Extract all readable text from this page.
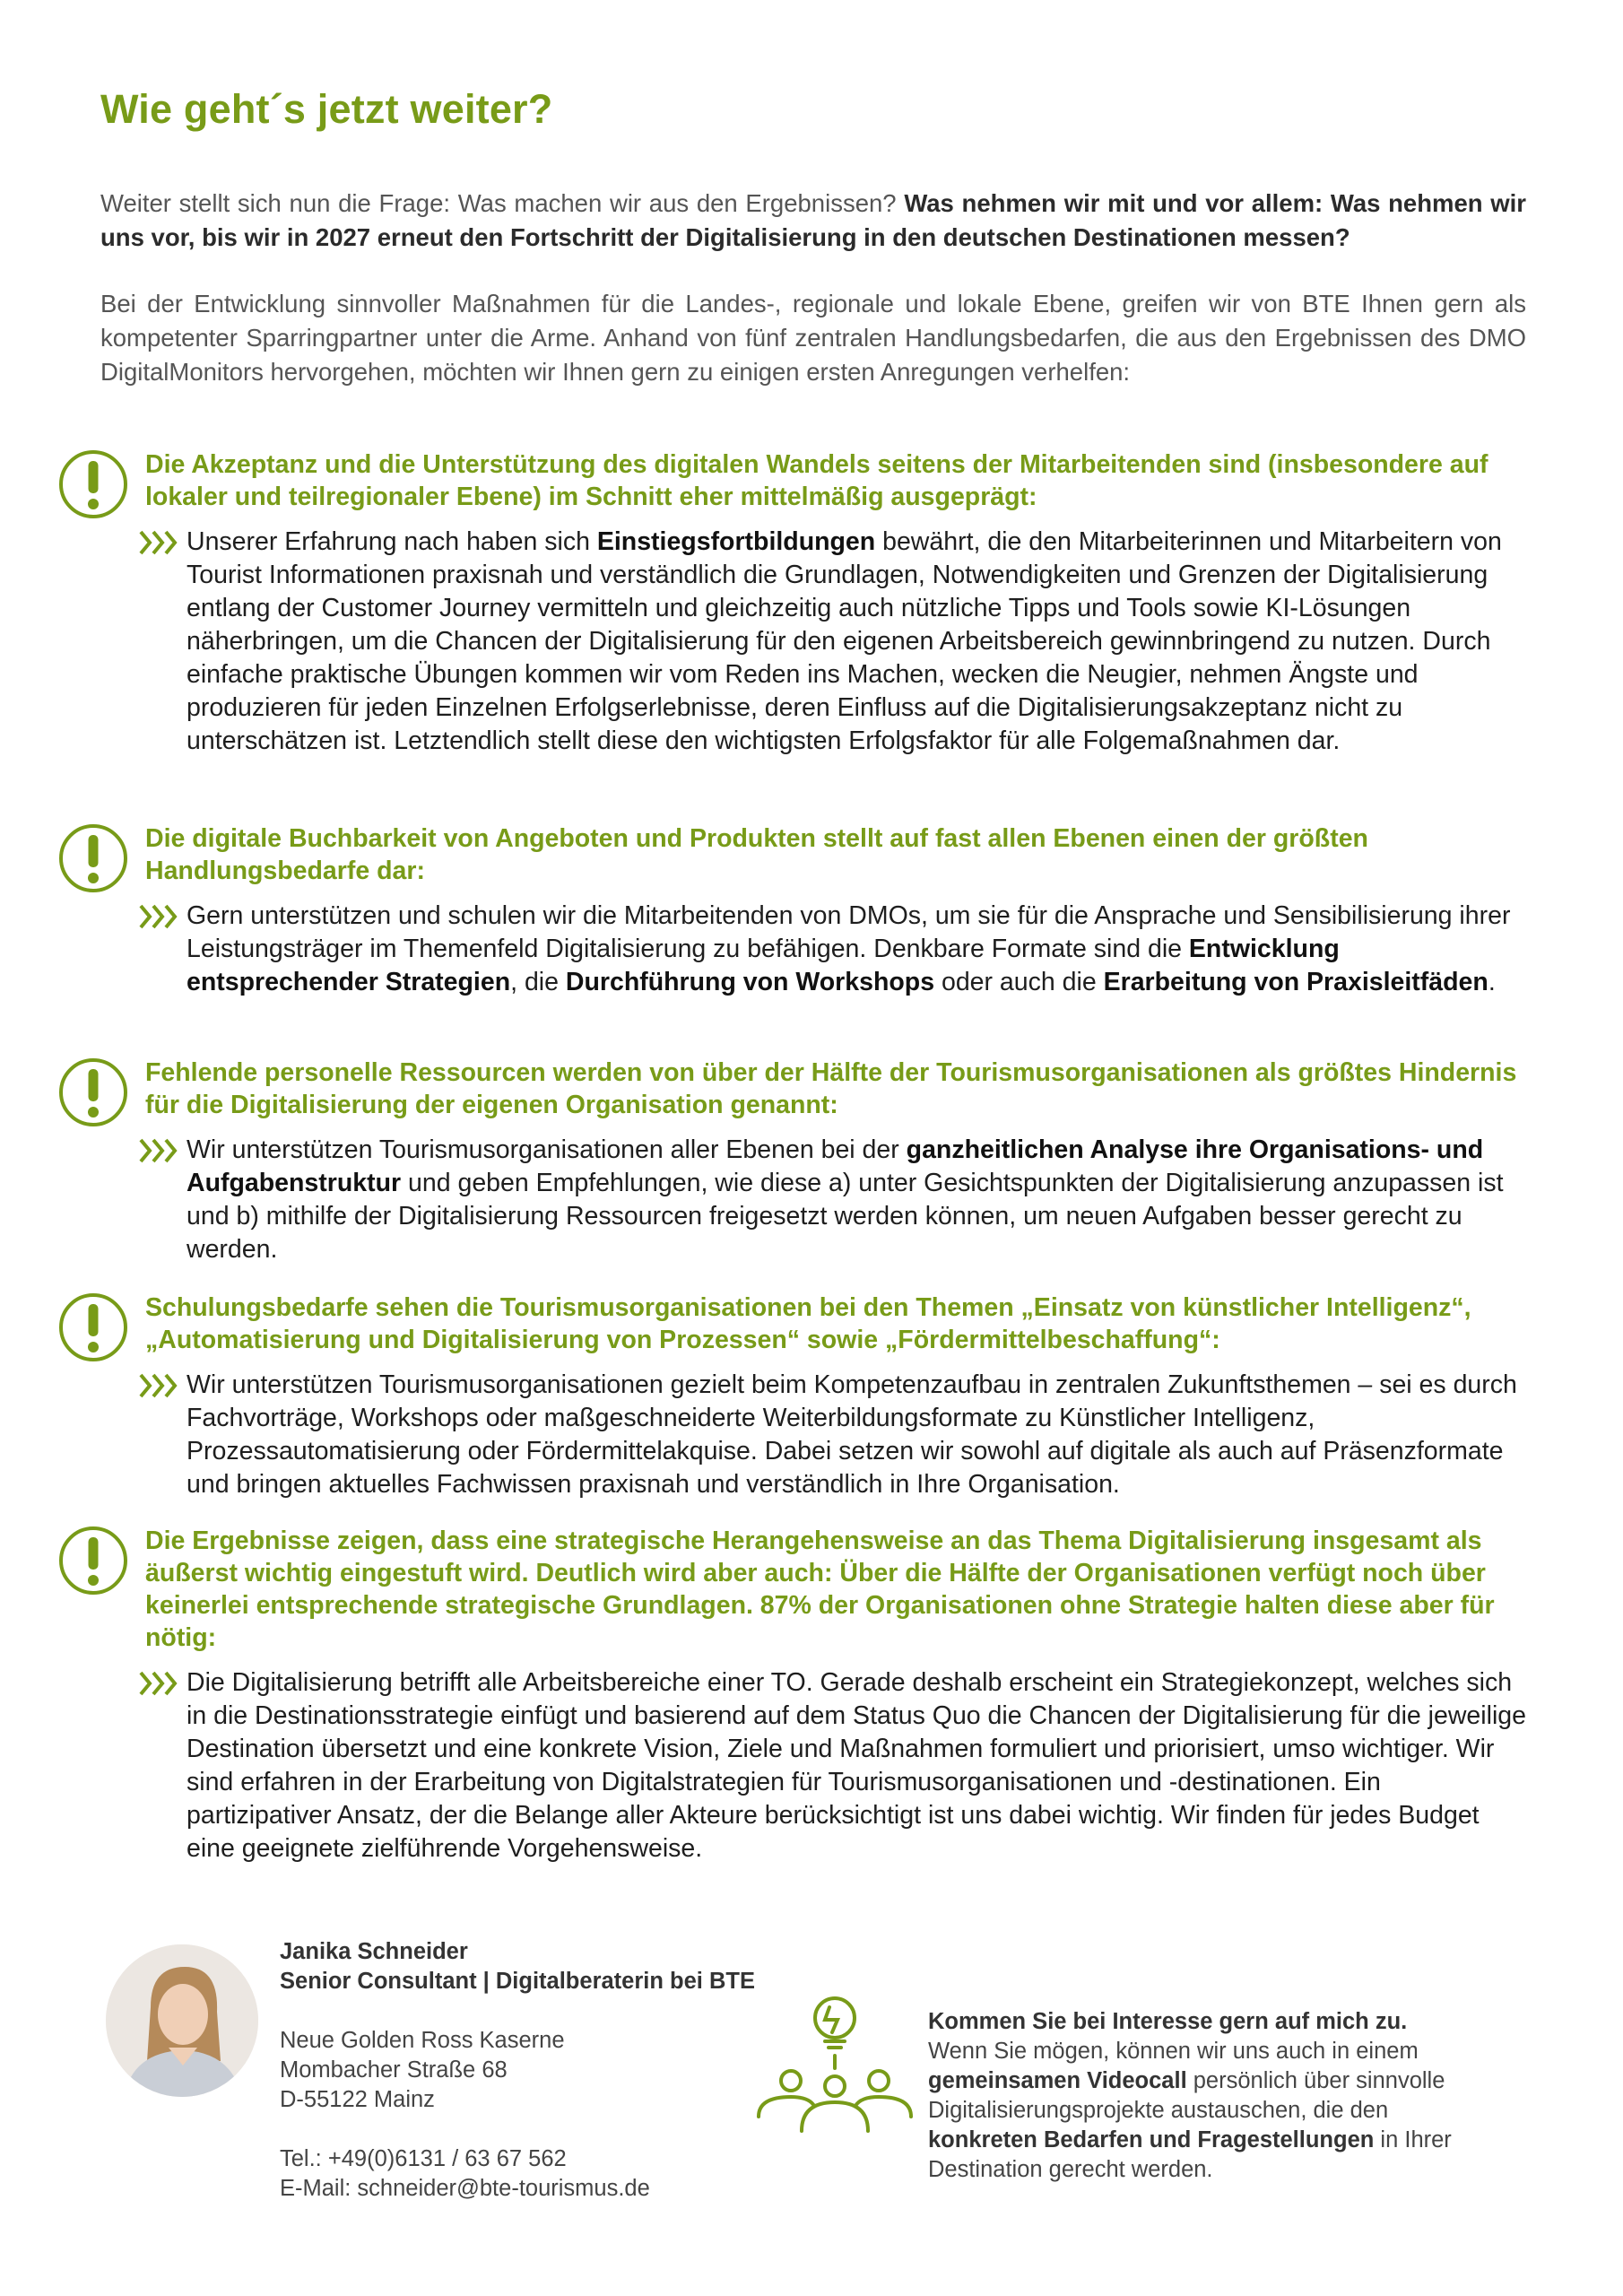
Wie geht´s jetzt weiter?

Weiter stellt sich nun die Frage: Was machen wir aus den Ergebnissen? Was nehmen wir mit und vor allem: Was nehmen wir uns vor, bis wir in 2027 erneut den Fortschritt der Digitalisierung in den deutschen Destinationen messen?

Bei der Entwicklung sinnvoller Maßnahmen für die Landes-, regionale und lokale Ebene, greifen wir von BTE Ihnen gern als kompetenter Sparringpartner unter die Arme. Anhand von fünf zentralen Handlungsbedarfen, die aus den Ergebnissen des DMO DigitalMonitors hervorgehen, möchten wir Ihnen gern zu einigen ersten Anregungen verhelfen:

Die Akzeptanz und die Unterstützung des digitalen Wandels seitens der Mitarbeitenden sind (insbesondere auf lokaler und teilregionaler Ebene) im Schnitt eher mittelmäßig ausgeprägt:

Unserer Erfahrung nach haben sich Einstiegsfortbildungen bewährt, die den Mitarbeiterinnen und Mitarbeitern von Tourist Informationen praxisnah und verständlich die Grundlagen, Notwendigkeiten und Grenzen der Digitalisierung entlang der Customer Journey vermitteln und gleichzeitig auch nützliche Tipps und Tools sowie KI-Lösungen näherbringen, um die Chancen der Digitalisierung für den eigenen Arbeitsbereich gewinnbringend zu nutzen. Durch einfache praktische Übungen kommen wir vom Reden ins Machen, wecken die Neugier, nehmen Ängste und produzieren für jeden Einzelnen Erfolgserlebnisse, deren Einfluss auf die Digitalisierungsakzeptanz nicht zu unterschätzen ist. Letztendlich stellt diese den wichtigsten Erfolgsfaktor für alle Folgemaßnahmen dar.

Die digitale Buchbarkeit von Angeboten und Produkten stellt auf fast allen Ebenen einen der größten Handlungsbedarfe dar:

Gern unterstützen und schulen wir die Mitarbeitenden von DMOs, um sie für die Ansprache und Sensibilisierung ihrer Leistungsträger im Themenfeld Digitalisierung zu befähigen. Denkbare Formate sind die Entwicklung entsprechender Strategien, die Durchführung von Workshops oder auch die Erarbeitung von Praxisleitfäden.

Fehlende personelle Ressourcen werden von über der Hälfte der Tourismusorganisationen als größtes Hindernis für die Digitalisierung der eigenen Organisation genannt:

Wir unterstützen Tourismusorganisationen aller Ebenen bei der ganzheitlichen Analyse ihre Organisations- und Aufgabenstruktur und geben Empfehlungen, wie diese a) unter Gesichtspunkten der Digitalisierung anzupassen ist und b) mithilfe der Digitalisierung Ressourcen freigesetzt werden können, um neuen Aufgaben besser gerecht zu werden.

Schulungsbedarfe sehen die Tourismusorganisationen bei den Themen „Einsatz von künstlicher Intelligenz“, „Automatisierung und Digitalisierung von Prozessen“ sowie „Fördermittelbeschaffung“:

Wir unterstützen Tourismusorganisationen gezielt beim Kompetenzaufbau in zentralen Zukunftsthemen – sei es durch Fachvorträge, Workshops oder maßgeschneiderte Weiterbildungsformate zu Künstlicher Intelligenz, Prozessautomatisierung oder Fördermittelakquise. Dabei setzen wir sowohl auf digitale als auch auf Präsenzformate und bringen aktuelles Fachwissen praxisnah und verständlich in Ihre Organisation.

Die Ergebnisse zeigen, dass eine strategische Herangehensweise an das Thema Digitalisierung insgesamt als äußerst wichtig eingestuft wird. Deutlich wird aber auch: Über die Hälfte der Organisationen verfügt noch über keinerlei entsprechende strategische Grundlagen. 87% der Organisationen ohne Strategie halten diese aber für nötig:

Die Digitalisierung betrifft alle Arbeitsbereiche einer TO. Gerade deshalb erscheint ein Strategiekonzept, welches sich in die Destinationsstrategie einfügt und basierend auf dem Status Quo die Chancen der Digitalisierung für die jeweilige Destination übersetzt und eine konkrete Vision, Ziele und Maßnahmen formuliert und priorisiert, umso wichtiger. Wir sind erfahren in der Erarbeitung von Digitalstrategien für Tourismusorganisationen und -destinationen. Ein partizipativer Ansatz, der die Belange aller Akteure berücksichtigt ist uns dabei wichtig. Wir finden für jedes Budget eine geeignete zielführende Vorgehensweise.

Janika Schneider

Senior Consultant | Digitalberaterin bei BTE

Neue Golden Ross Kaserne

Mombacher Straße 68

D-55122 Mainz

Tel.: +49(0)6131 / 63 67 562

E-Mail: schneider@bte-tourismus.de

Kommen Sie bei Interesse gern auf mich zu.

Wenn Sie mögen, können wir uns auch in einem gemeinsamen Videocall persönlich über sinnvolle Digitalisierungsprojekte austauschen, die den konkreten Bedarfen und Fragestellungen in Ihrer Destination gerecht werden.
